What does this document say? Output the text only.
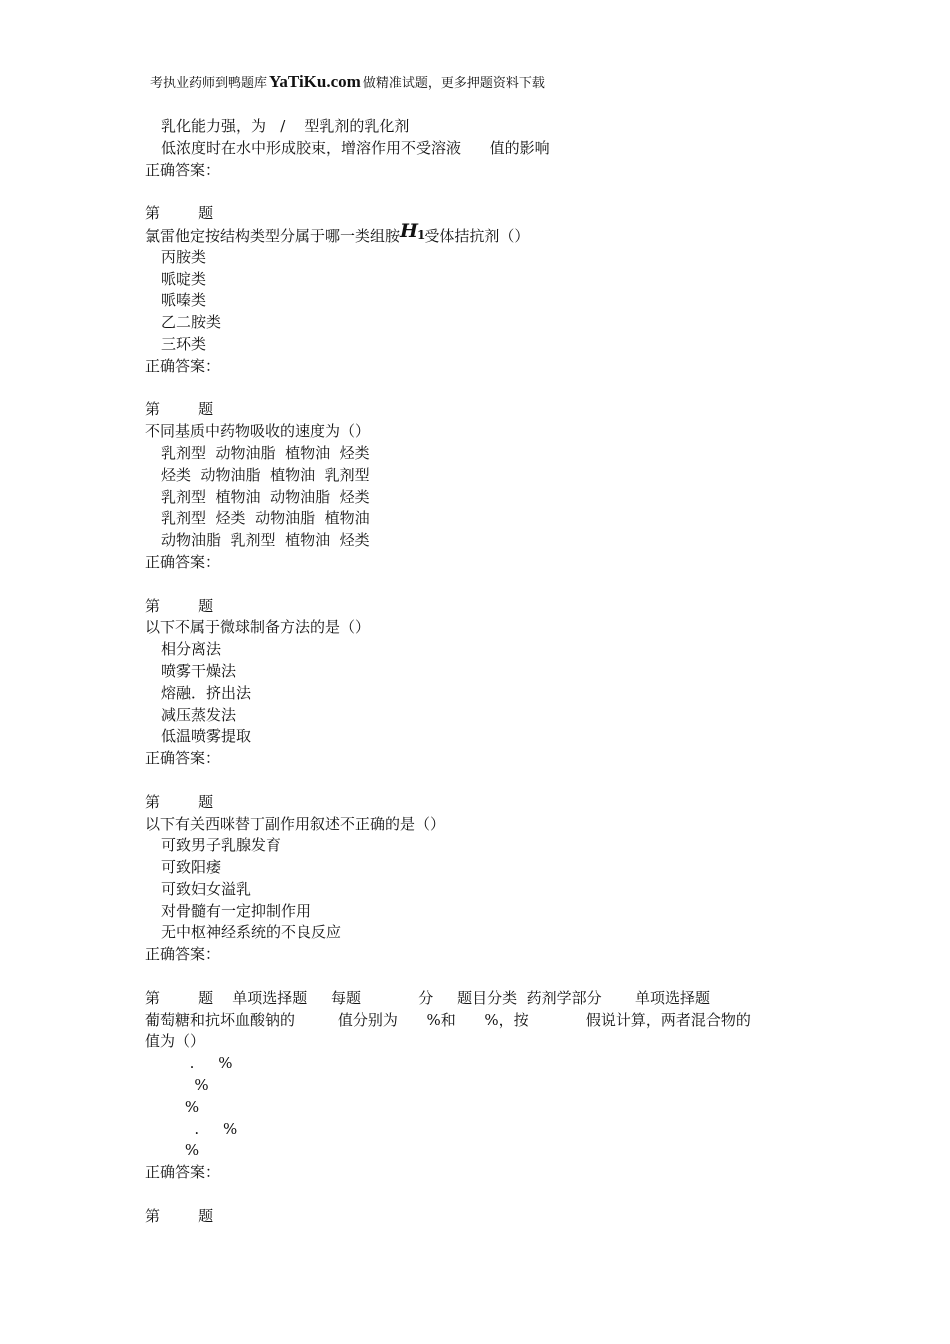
考执业药师到鸭题库 YaTiKu.com 做精准试题，更多押题资料下载
乳化能力强，为   /    型乳剂的乳化剂
低浓度时在水中形成胶束，增溶作用不受溶液      值的影响
正确答案：
第        题
氯雷他定按结构类型分属于哪一类组胺$H_1$受体拮抗剂（）
丙胺类
哌啶类
哌嗪类
乙二胺类
三环类
正确答案：
第        题
不同基质中药物吸收的速度为（）
乳剂型  动物油脂  植物油  烃类
烃类  动物油脂  植物油  乳剂型
乳剂型  植物油  动物油脂  烃类
乳剂型  烃类  动物油脂  植物油
动物油脂  乳剂型  植物油  烃类
正确答案：
第        题
以下不属于微球制备方法的是（）
相分离法
喷雾干燥法
熔融．挤出法
减压蒸发法
低温喷雾提取
正确答案：
第        题
以下有关西咪替丁副作用叙述不正确的是（）
可致男子乳腺发育
可致阳痿
可致妇女溢乳
对骨髓有一定抑制作用
无中枢神经系统的不良反应
正确答案：
第        题    单项选择题     每题            分     题目分类  药剂学部分       单项选择题
葡萄糖和抗坏血酸钠的         值分别为      %和      %，按            假说计算，两者混合物的
值为（）
.     %
%
%
.     %
%
正确答案：
第        题
